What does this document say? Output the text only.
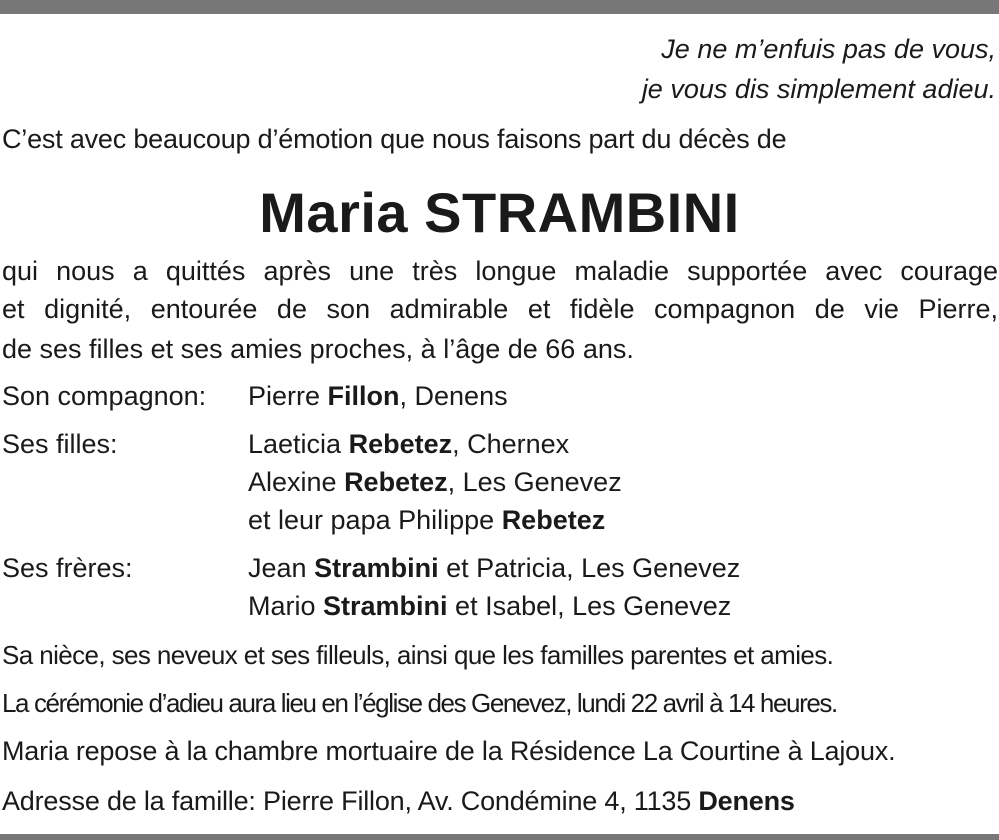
Je ne m’enfuis pas de vous,
je vous dis simplement adieu.
C’est avec beaucoup d’émotion que nous faisons part du décès de
Maria STRAMBINI
qui nous a quittés après une très longue maladie supportée avec courage
et dignité, entourée de son admirable et fidèle compagnon de vie Pierre,
de ses filles et ses amies proches, à l’âge de 66 ans.
Son compagnon: Pierre Fillon, Denens
Ses filles:	Laeticia Rebetez, Chernex
Alexine Rebetez, Les Genevez
et leur papa Philippe Rebetez
Ses frères:	Jean Strambini et Patricia, Les Genevez
Mario Strambini et Isabel, Les Genevez
Sa nièce, ses neveux et ses filleuls, ainsi que les familles parentes et amies.
La cérémonie d’adieu aura lieu en l’église des Genevez, lundi 22 avril à 14 heures.
Maria repose à la chambre mortuaire de la Résidence La Courtine à Lajoux.
Adresse de la famille: Pierre Fillon, Av. Condémine 4, 1135 Denens
